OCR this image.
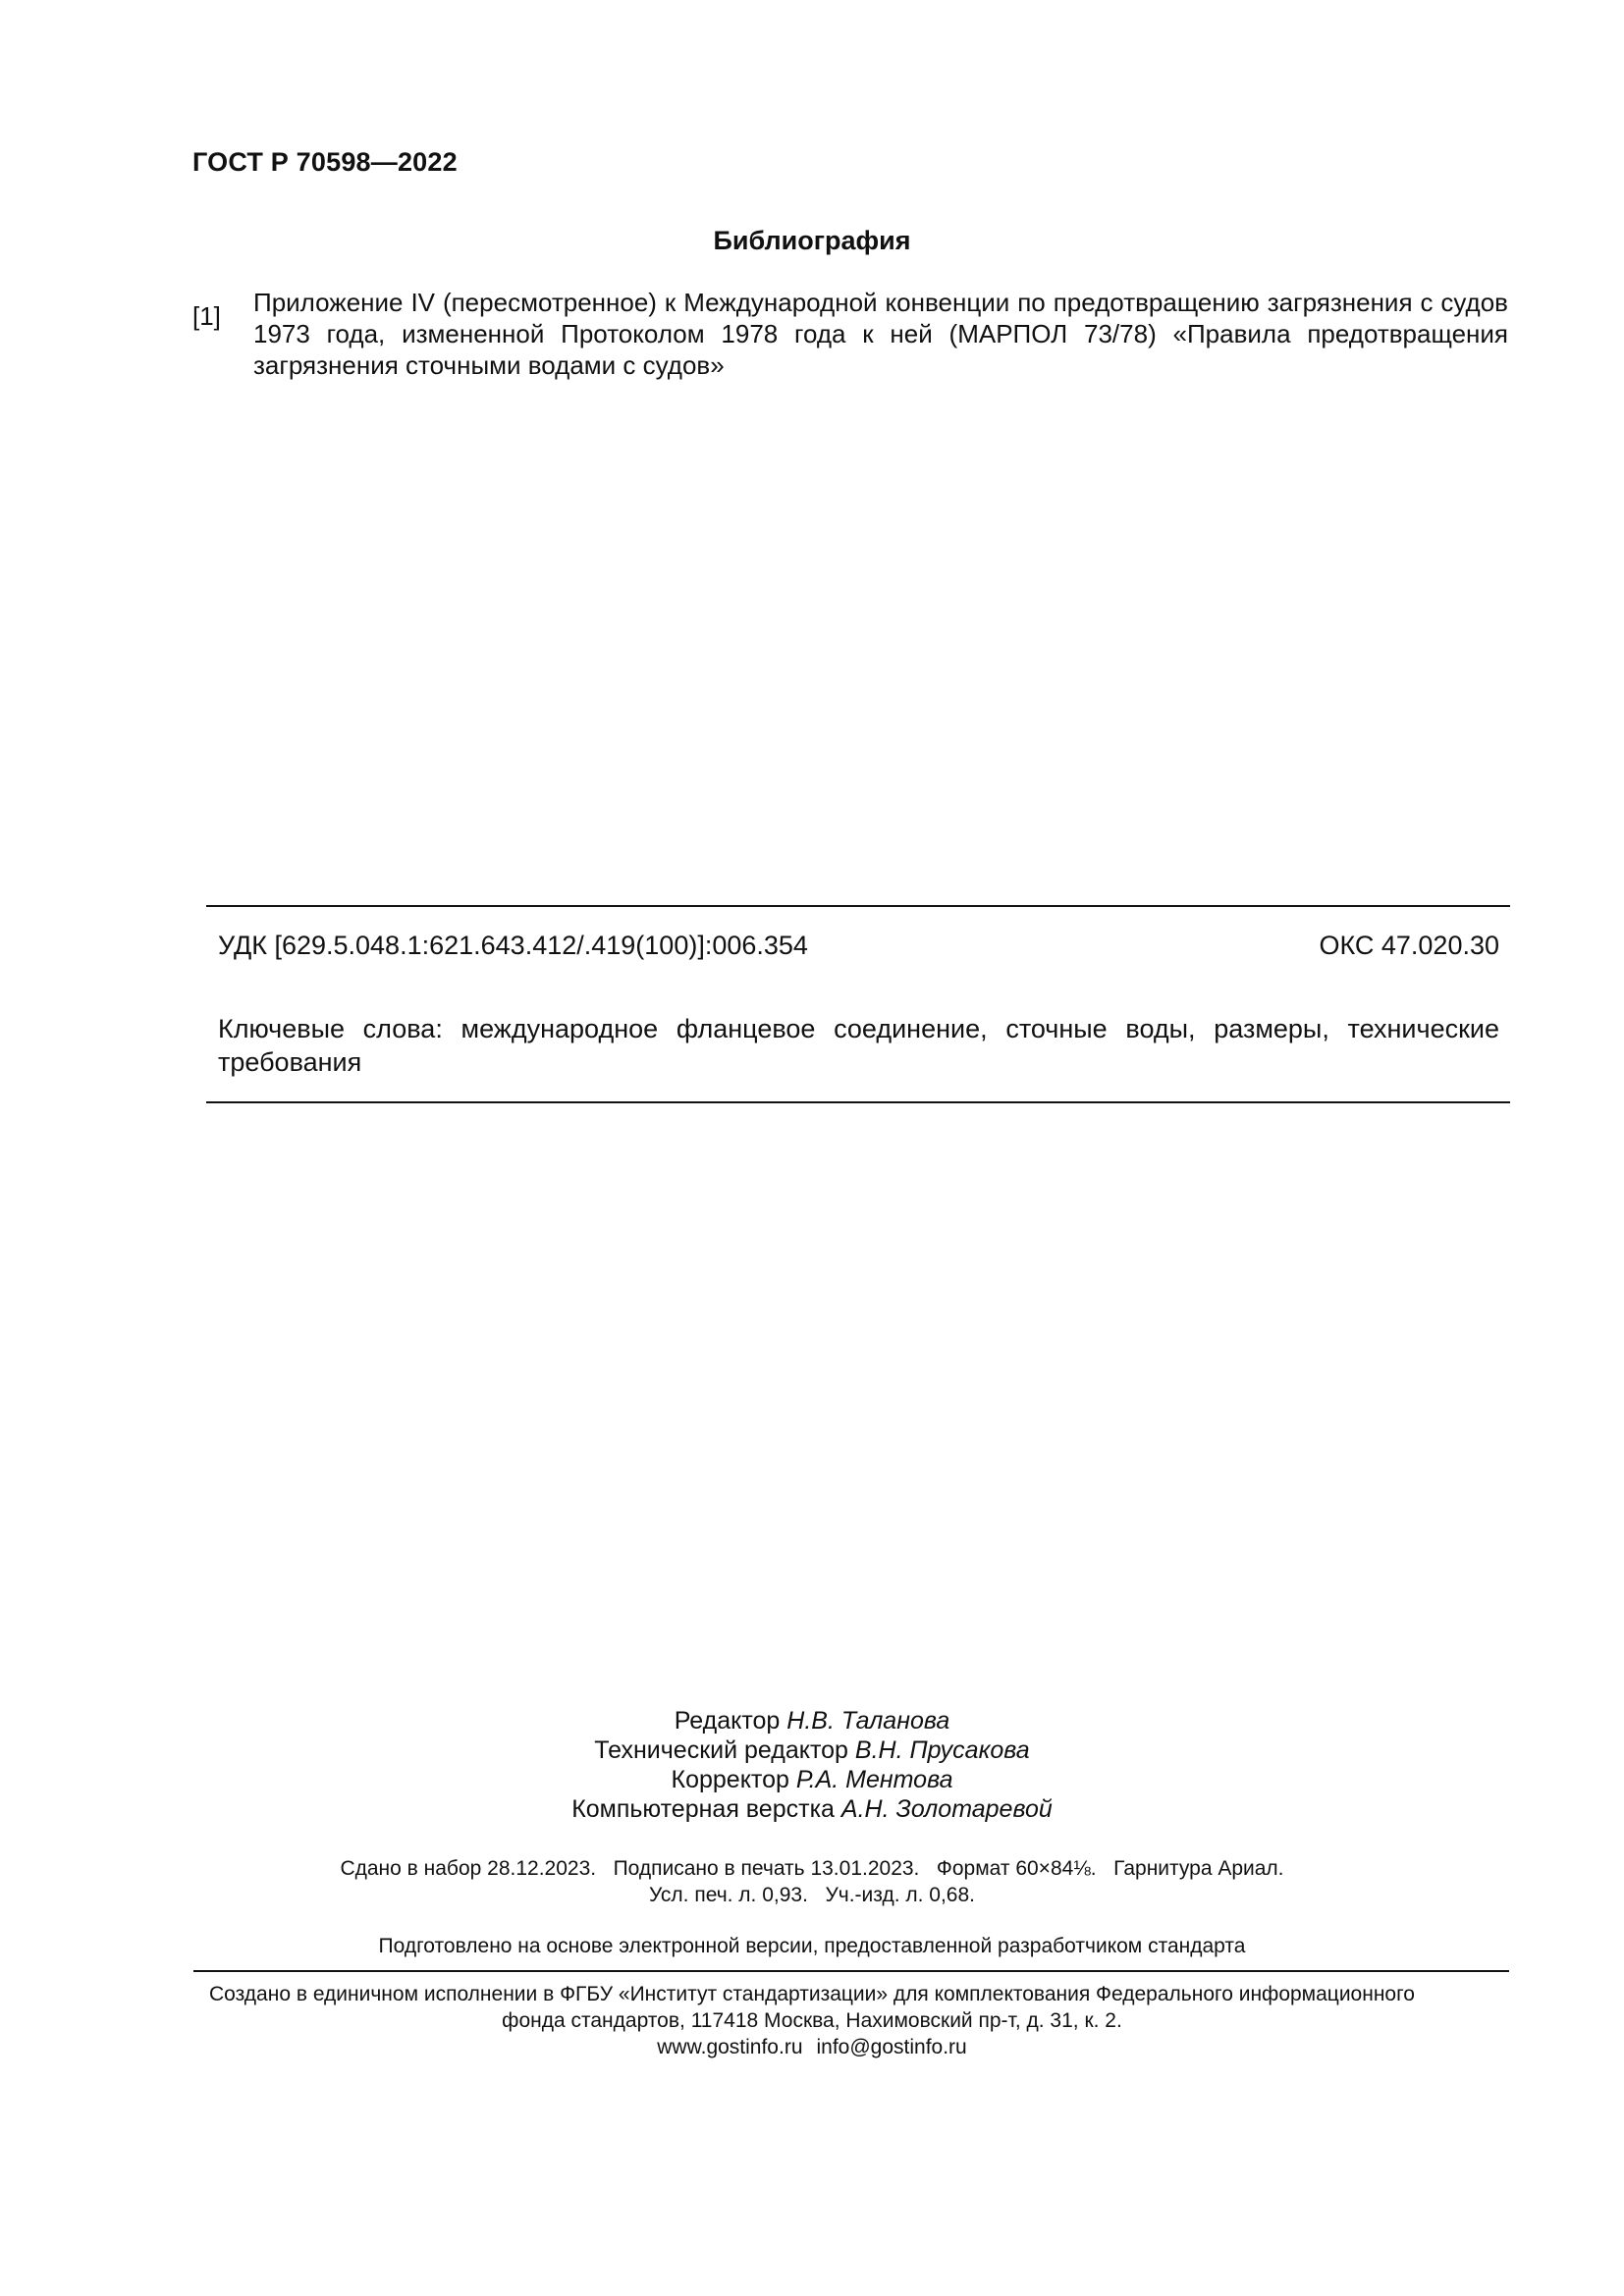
ГОСТ Р 70598—2022
Библиография
[1]	Приложение IV (пересмотренное) к Международной конвенции по предотвращению загрязнения с судов 1973 года, измененной Протоколом 1978 года к ней (МАРПОЛ 73/78) «Правила предотвращения загрязнения сточными водами с судов»
УДК [629.5.048.1:621.643.412/.419(100)]:006.354	ОКС 47.020.30
Ключевые слова: международное фланцевое соединение, сточные воды, размеры, технические требования
Редактор Н.В. Таланова
Технический редактор В.Н. Прусакова
Корректор Р.А. Ментова
Компьютерная верстка А.Н. Золотаревой
Сдано в набор 28.12.2023.   Подписано в печать 13.01.2023.   Формат 60×84⅛.   Гарнитура Ариал.
Усл. печ. л. 0,93.   Уч.-изд. л. 0,68.
Подготовлено на основе электронной версии, предоставленной разработчиком стандарта
Создано в единичном исполнении в ФГБУ «Институт стандартизации» для комплектования Федерального информационного
фонда стандартов, 117418 Москва, Нахимовский пр-т, д. 31, к. 2.
www.gostinfo.ru info@gostinfo.ru
